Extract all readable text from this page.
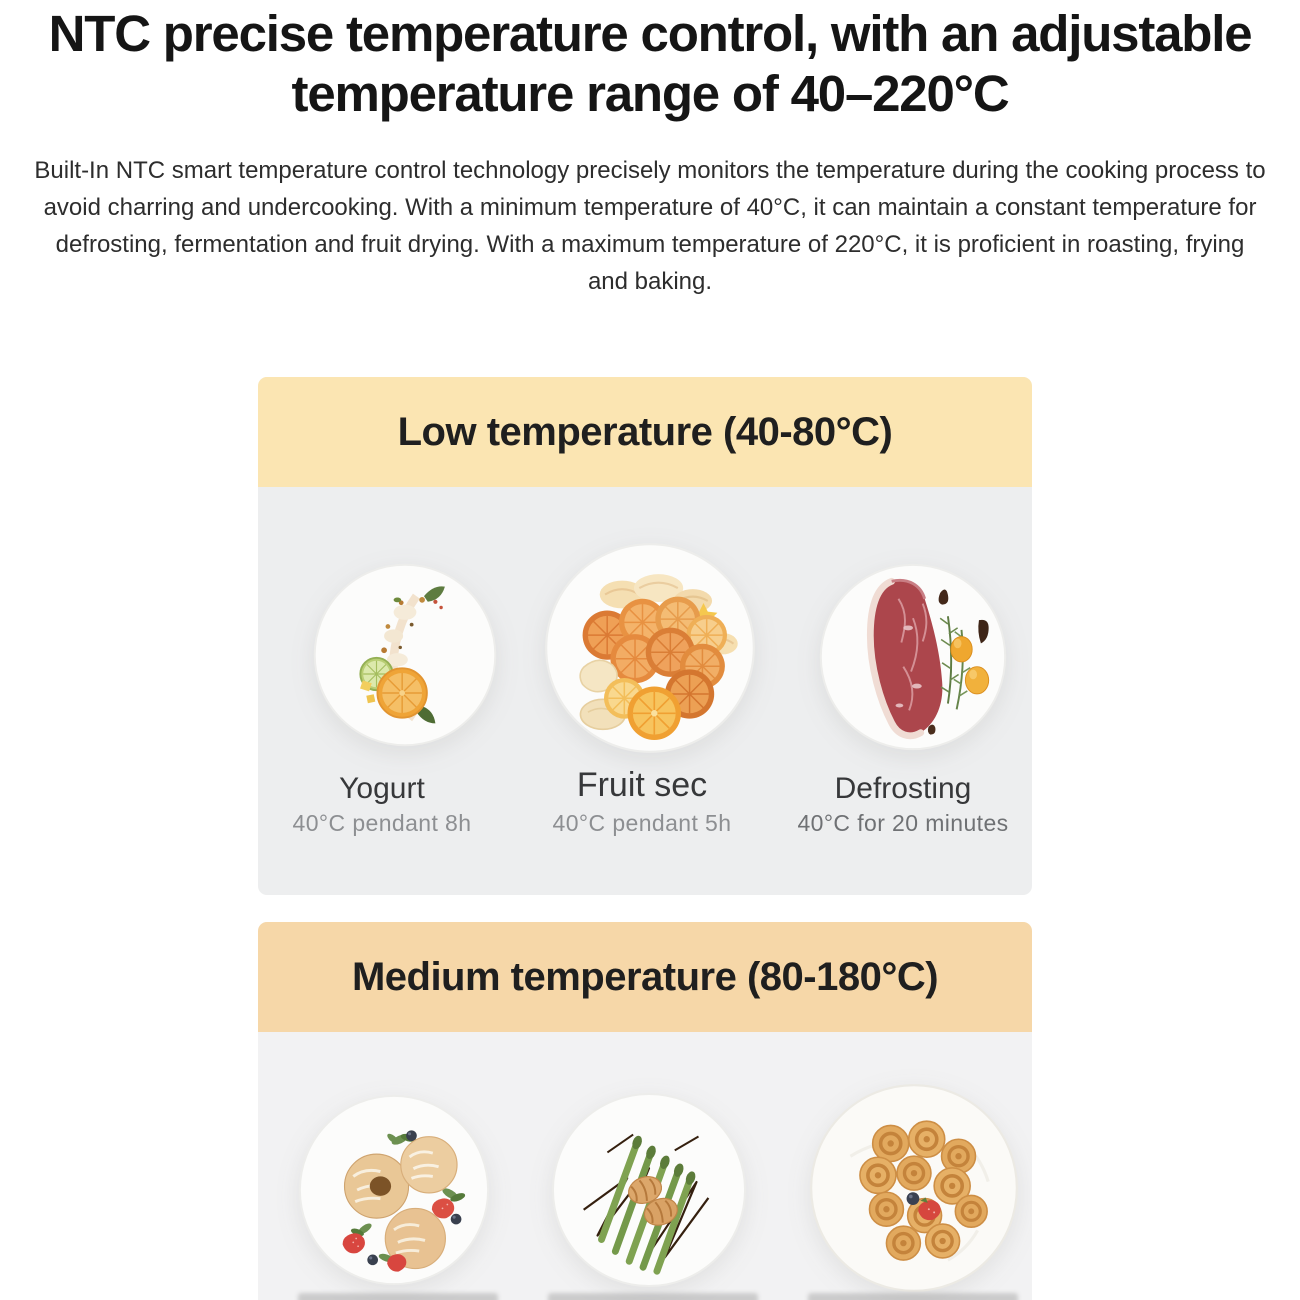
NTC precise temperature control, with an adjustable
temperature range of 40–220°C
Built-In NTC smart temperature control technology precisely monitors the temperature during the cooking process to avoid charring and undercooking. With a minimum temperature of 40°C, it can maintain a constant temperature for defrosting, fermentation and fruit drying. With a maximum temperature of 220°C, it is proficient in roasting, frying and baking.
Low temperature (40-80°C)
Yogurt	Fruit sec	Defrosting
40°C pendant 8h	40°C pendant 5h	40°C for 20 minutes
Medium temperature (80-180°C)
